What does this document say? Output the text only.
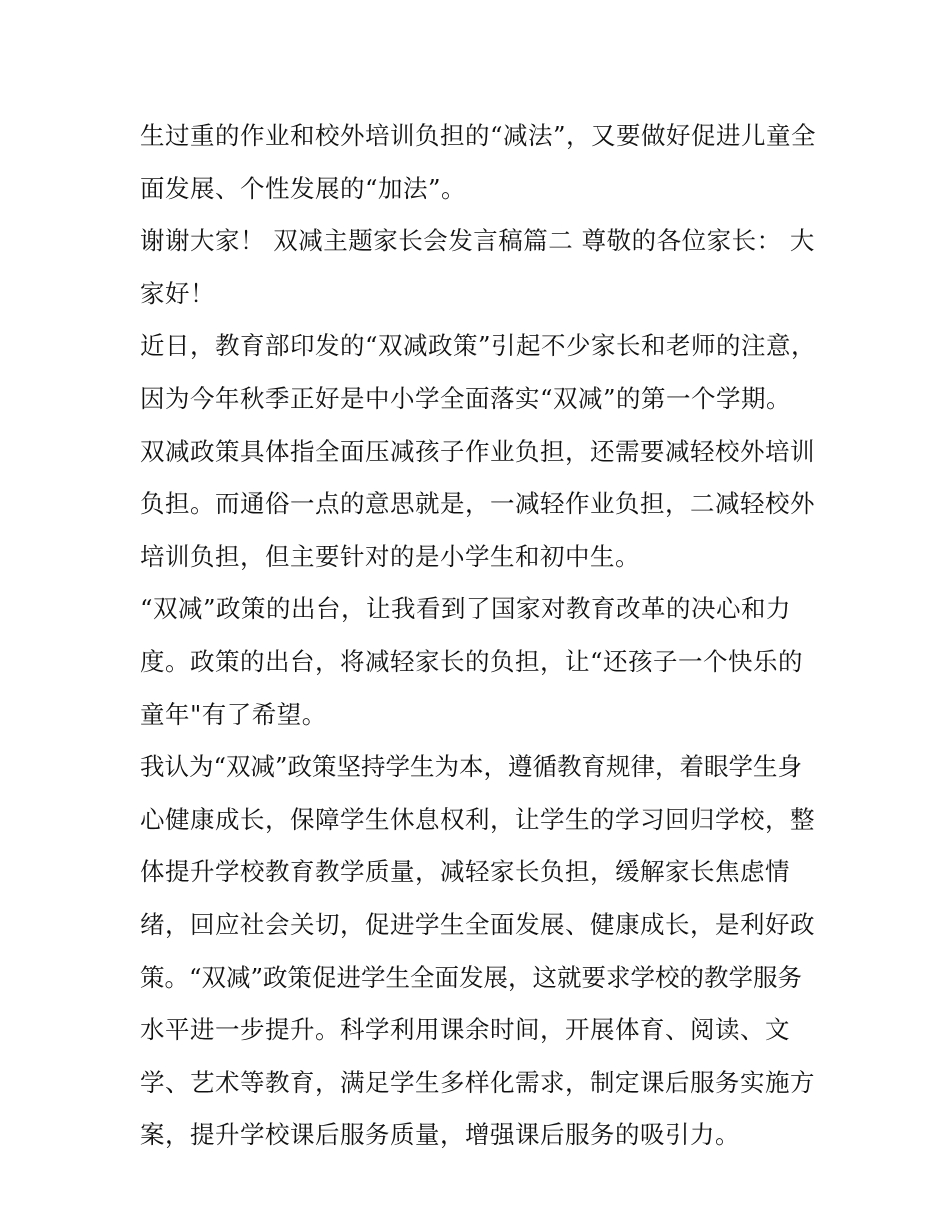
生过重的作业和校外培训负担的“减法”，又要做好促进儿童全
面发展、个性发展的“加法”。
谢谢大家！ 双减主题家长会发言稿篇二 尊敬的各位家长： 大
家好！
近日，教育部印发的“双减政策”引起不少家长和老师的注意，
因为今年秋季正好是中小学全面落实“双减”的第一个学期。
双减政策具体指全面压减孩子作业负担，还需要减轻校外培训
负担。而通俗一点的意思就是，一减轻作业负担，二减轻校外
培训负担，但主要针对的是小学生和初中生。
“双减”政策的出台，让我看到了国家对教育改革的决心和力
度。政策的出台，将减轻家长的负担，让“还孩子一个快乐的
童年"有了希望。
我认为“双减”政策坚持学生为本，遵循教育规律，着眼学生身
心健康成长，保障学生休息权利，让学生的学习回归学校，整
体提升学校教育教学质量，减轻家长负担，缓解家长焦虑情
绪，回应社会关切，促进学生全面发展、健康成长，是利好政
策。“双减”政策促进学生全面发展，这就要求学校的教学服务
水平进一步提升。科学利用课余时间，开展体育、阅读、文
学、艺术等教育，满足学生多样化需求，制定课后服务实施方
案，提升学校课后服务质量，增强课后服务的吸引力。
